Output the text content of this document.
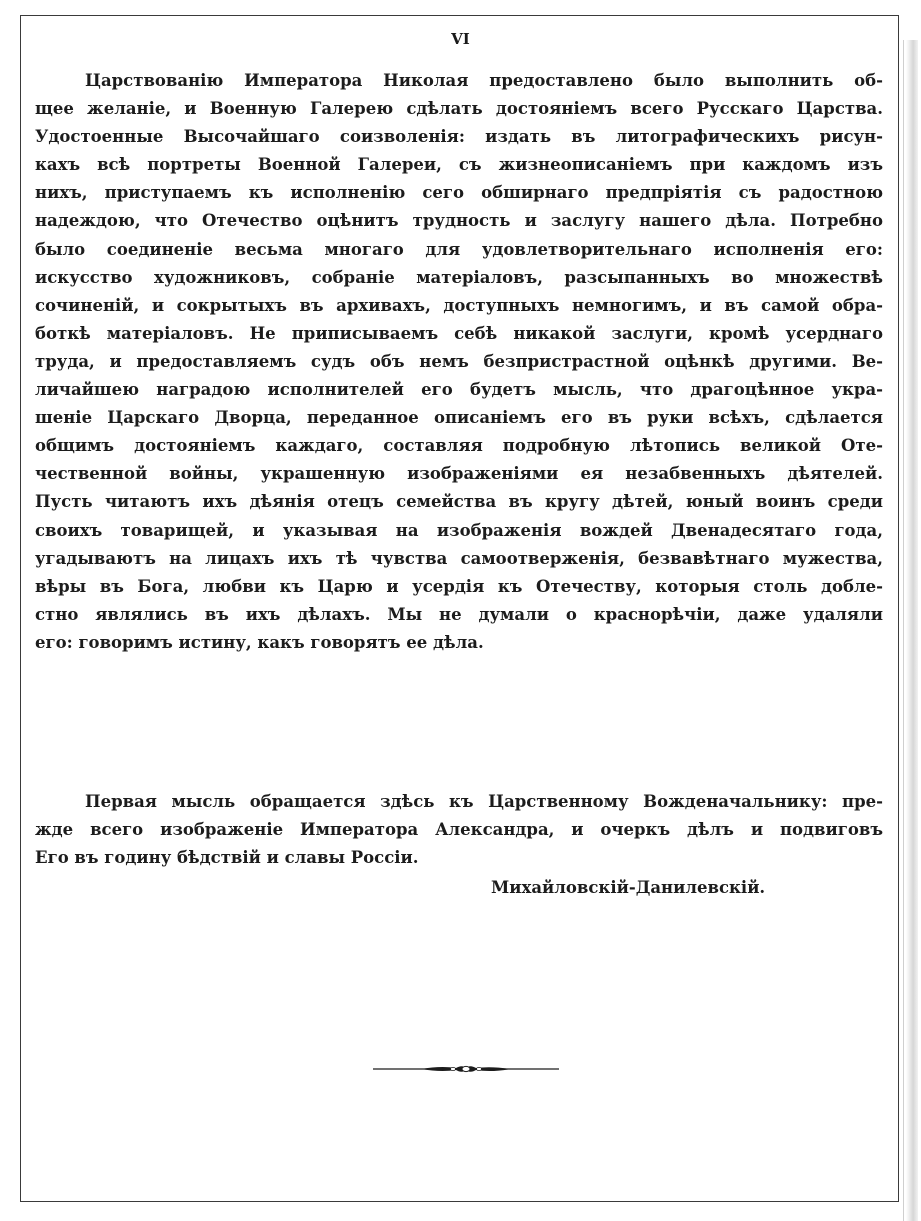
VI

Царствованію Императора Николая предоставлено было выполнить об-
щее желаніе, и Военную Галерею сдѣлать достояніемъ всего Русскаго Царства.
Удостоенные Высочайшаго соизволенія: издать въ литографическихъ рисун-
кахъ всѣ портреты Военной Галереи, съ жизнеописаніемъ при каждомъ изъ
нихъ, приступаемъ къ исполненію сего обширнаго предпріятія съ радостною
надеждою, что Отечество оцѣнитъ трудность и заслугу нашего дѣла. Потребно
было соединеніе весьма многаго для удовлетворительнаго исполненія его:
искусство художниковъ, собраніе матеріаловъ, разсыпанныхъ во множествѣ
сочиненій, и сокрытыхъ въ архивахъ, доступныхъ немногимъ, и въ самой обра-
боткѣ матеріаловъ. Не приписываемъ себѣ никакой заслуги, кромѣ усерднаго
труда, и предоставляемъ судъ объ немъ безпристрастной оцѣнкѣ другими. Ве-
личайшею наградою исполнителей его будетъ мысль, что драгоцѣнное укра-
шеніе Царскаго Дворца, переданное описаніемъ его въ руки всѣхъ, сдѣлается
общимъ достояніемъ каждаго, составляя подробную лѣтопись великой Оте-
чественной войны, украшенную изображеніями ея незабвенныхъ дѣятелей.
Пусть читаютъ ихъ дѣянія отецъ семейства въ кругу дѣтей, юный воинъ среди
своихъ товарищей, и указывая на изображенія вождей Двенадесятаго года,
угадываютъ на лицахъ ихъ тѣ чувства самоотверженія, безвавѣтнаго мужества,
вѣры въ Бога, любви къ Царю и усердія къ Отечеству, которыя столь добле-
стно являлись въ ихъ дѣлахъ. Мы не думали о краснорѣчіи, даже удаляли
его: говоримъ истину, какъ говорятъ ее дѣла.

Первая мысль обращается здѣсь къ Царственному Вожденачальнику: пре-
жде всего изображеніе Императора Александра, и очеркъ дѣлъ и подвиговъ
Его въ годину бѣдствій и славы Россіи.

Михайловскій-Данилевскій.
